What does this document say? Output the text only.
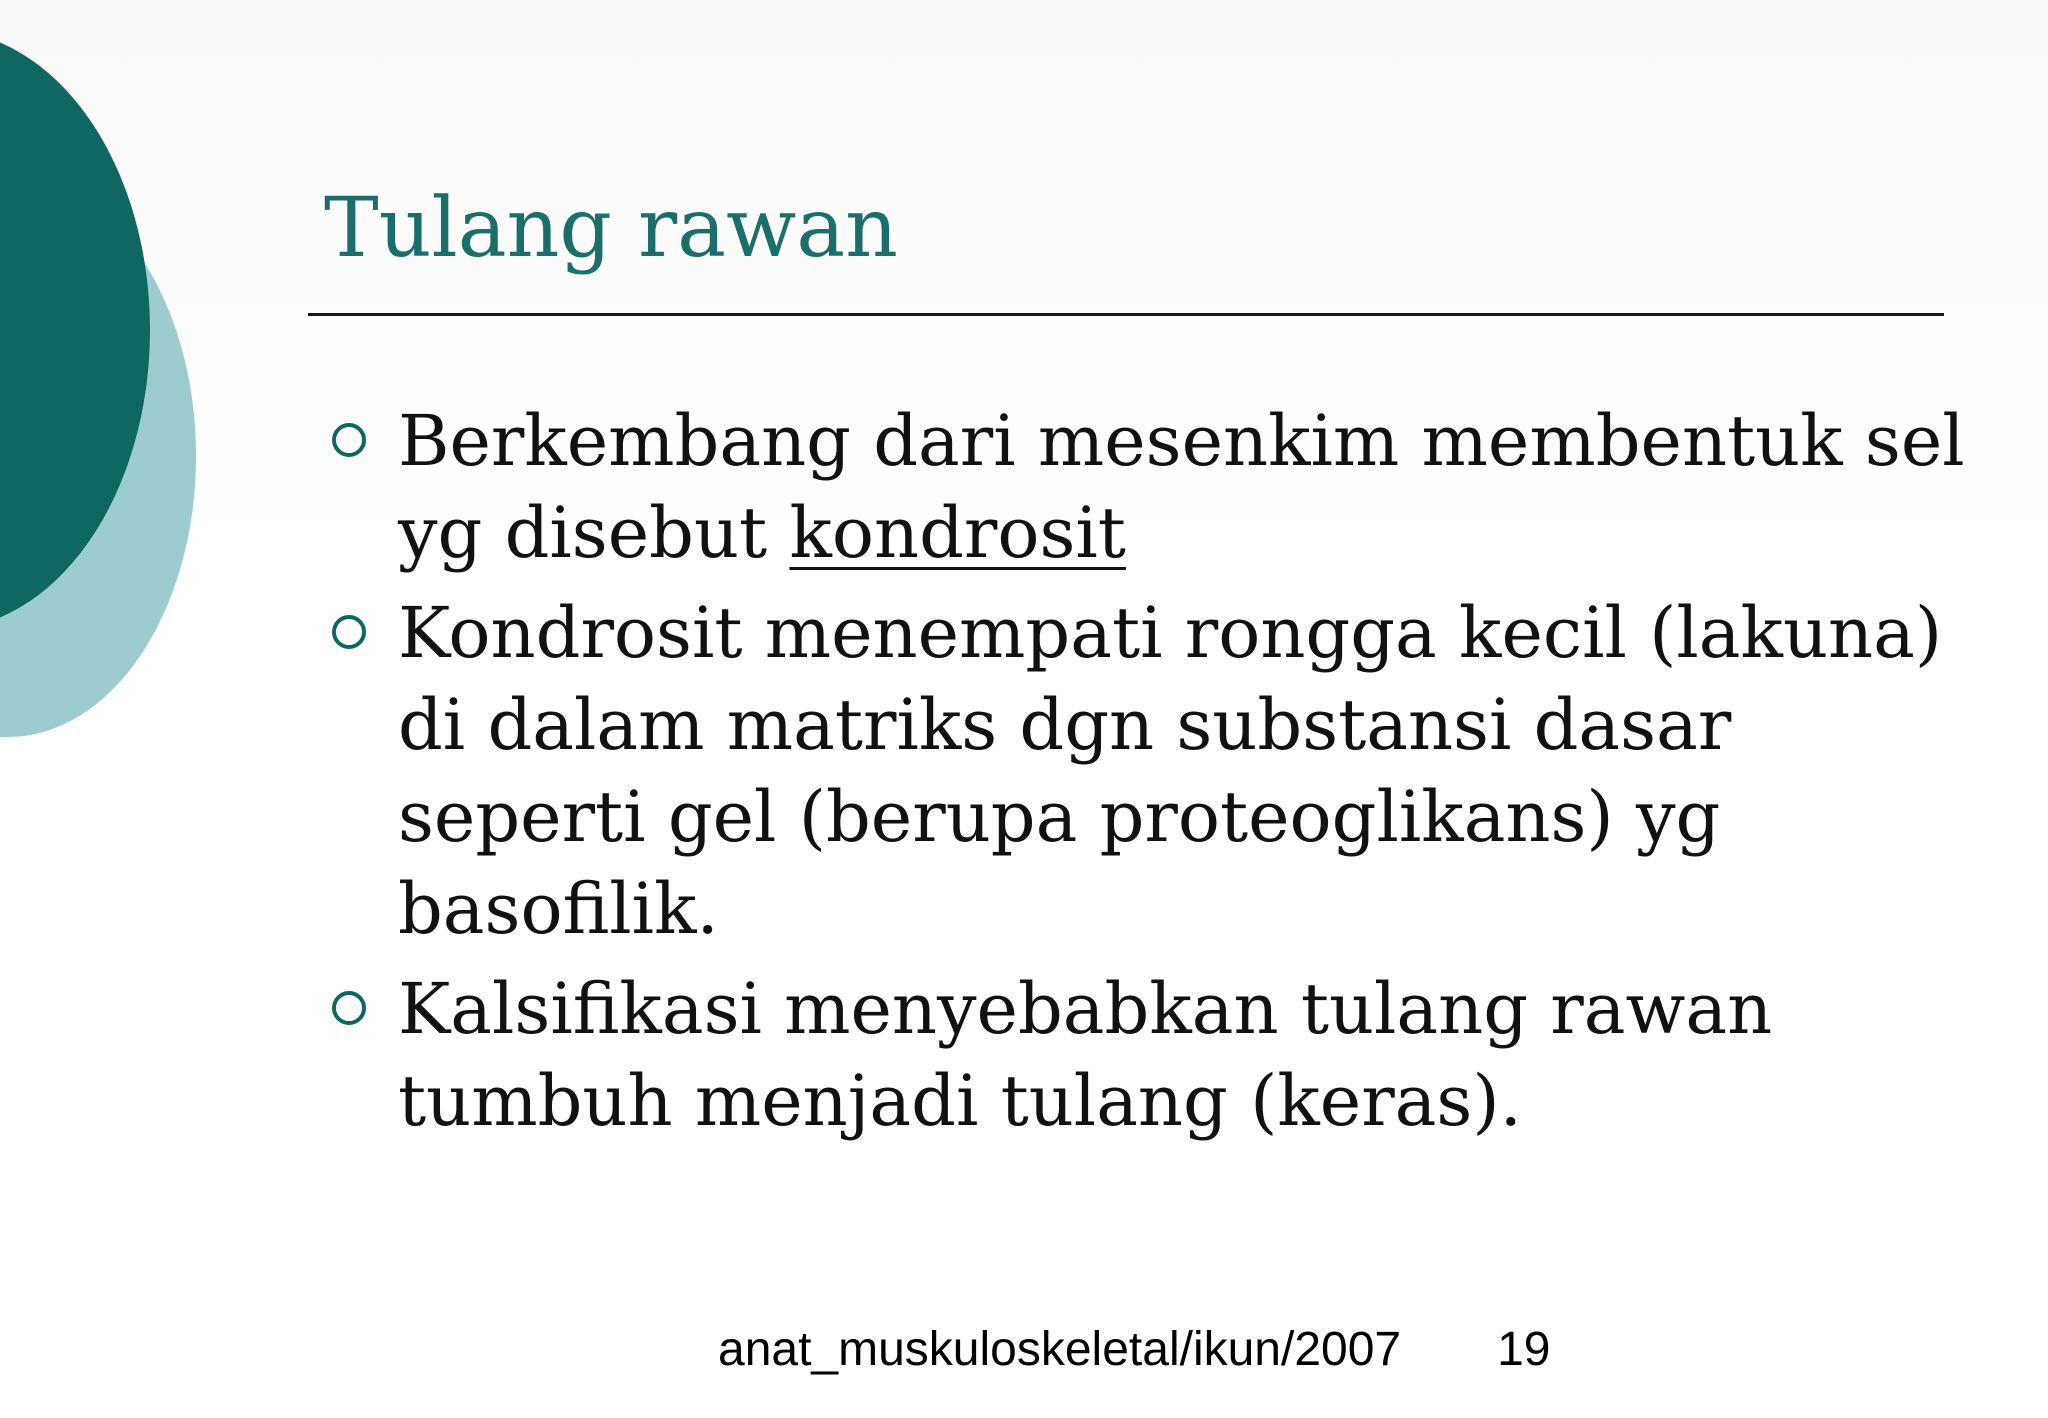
Tulang rawan
Berkembang dari mesenkim membentuk sel yg disebut kondrosit
Kondrosit menempati rongga kecil (lakuna) di dalam matriks dgn substansi dasar seperti gel (berupa proteoglikans) yg basofilik.
Kalsifikasi menyebabkan tulang rawan tumbuh menjadi tulang (keras).
anat_muskuloskeletal/ikun/2007 19
